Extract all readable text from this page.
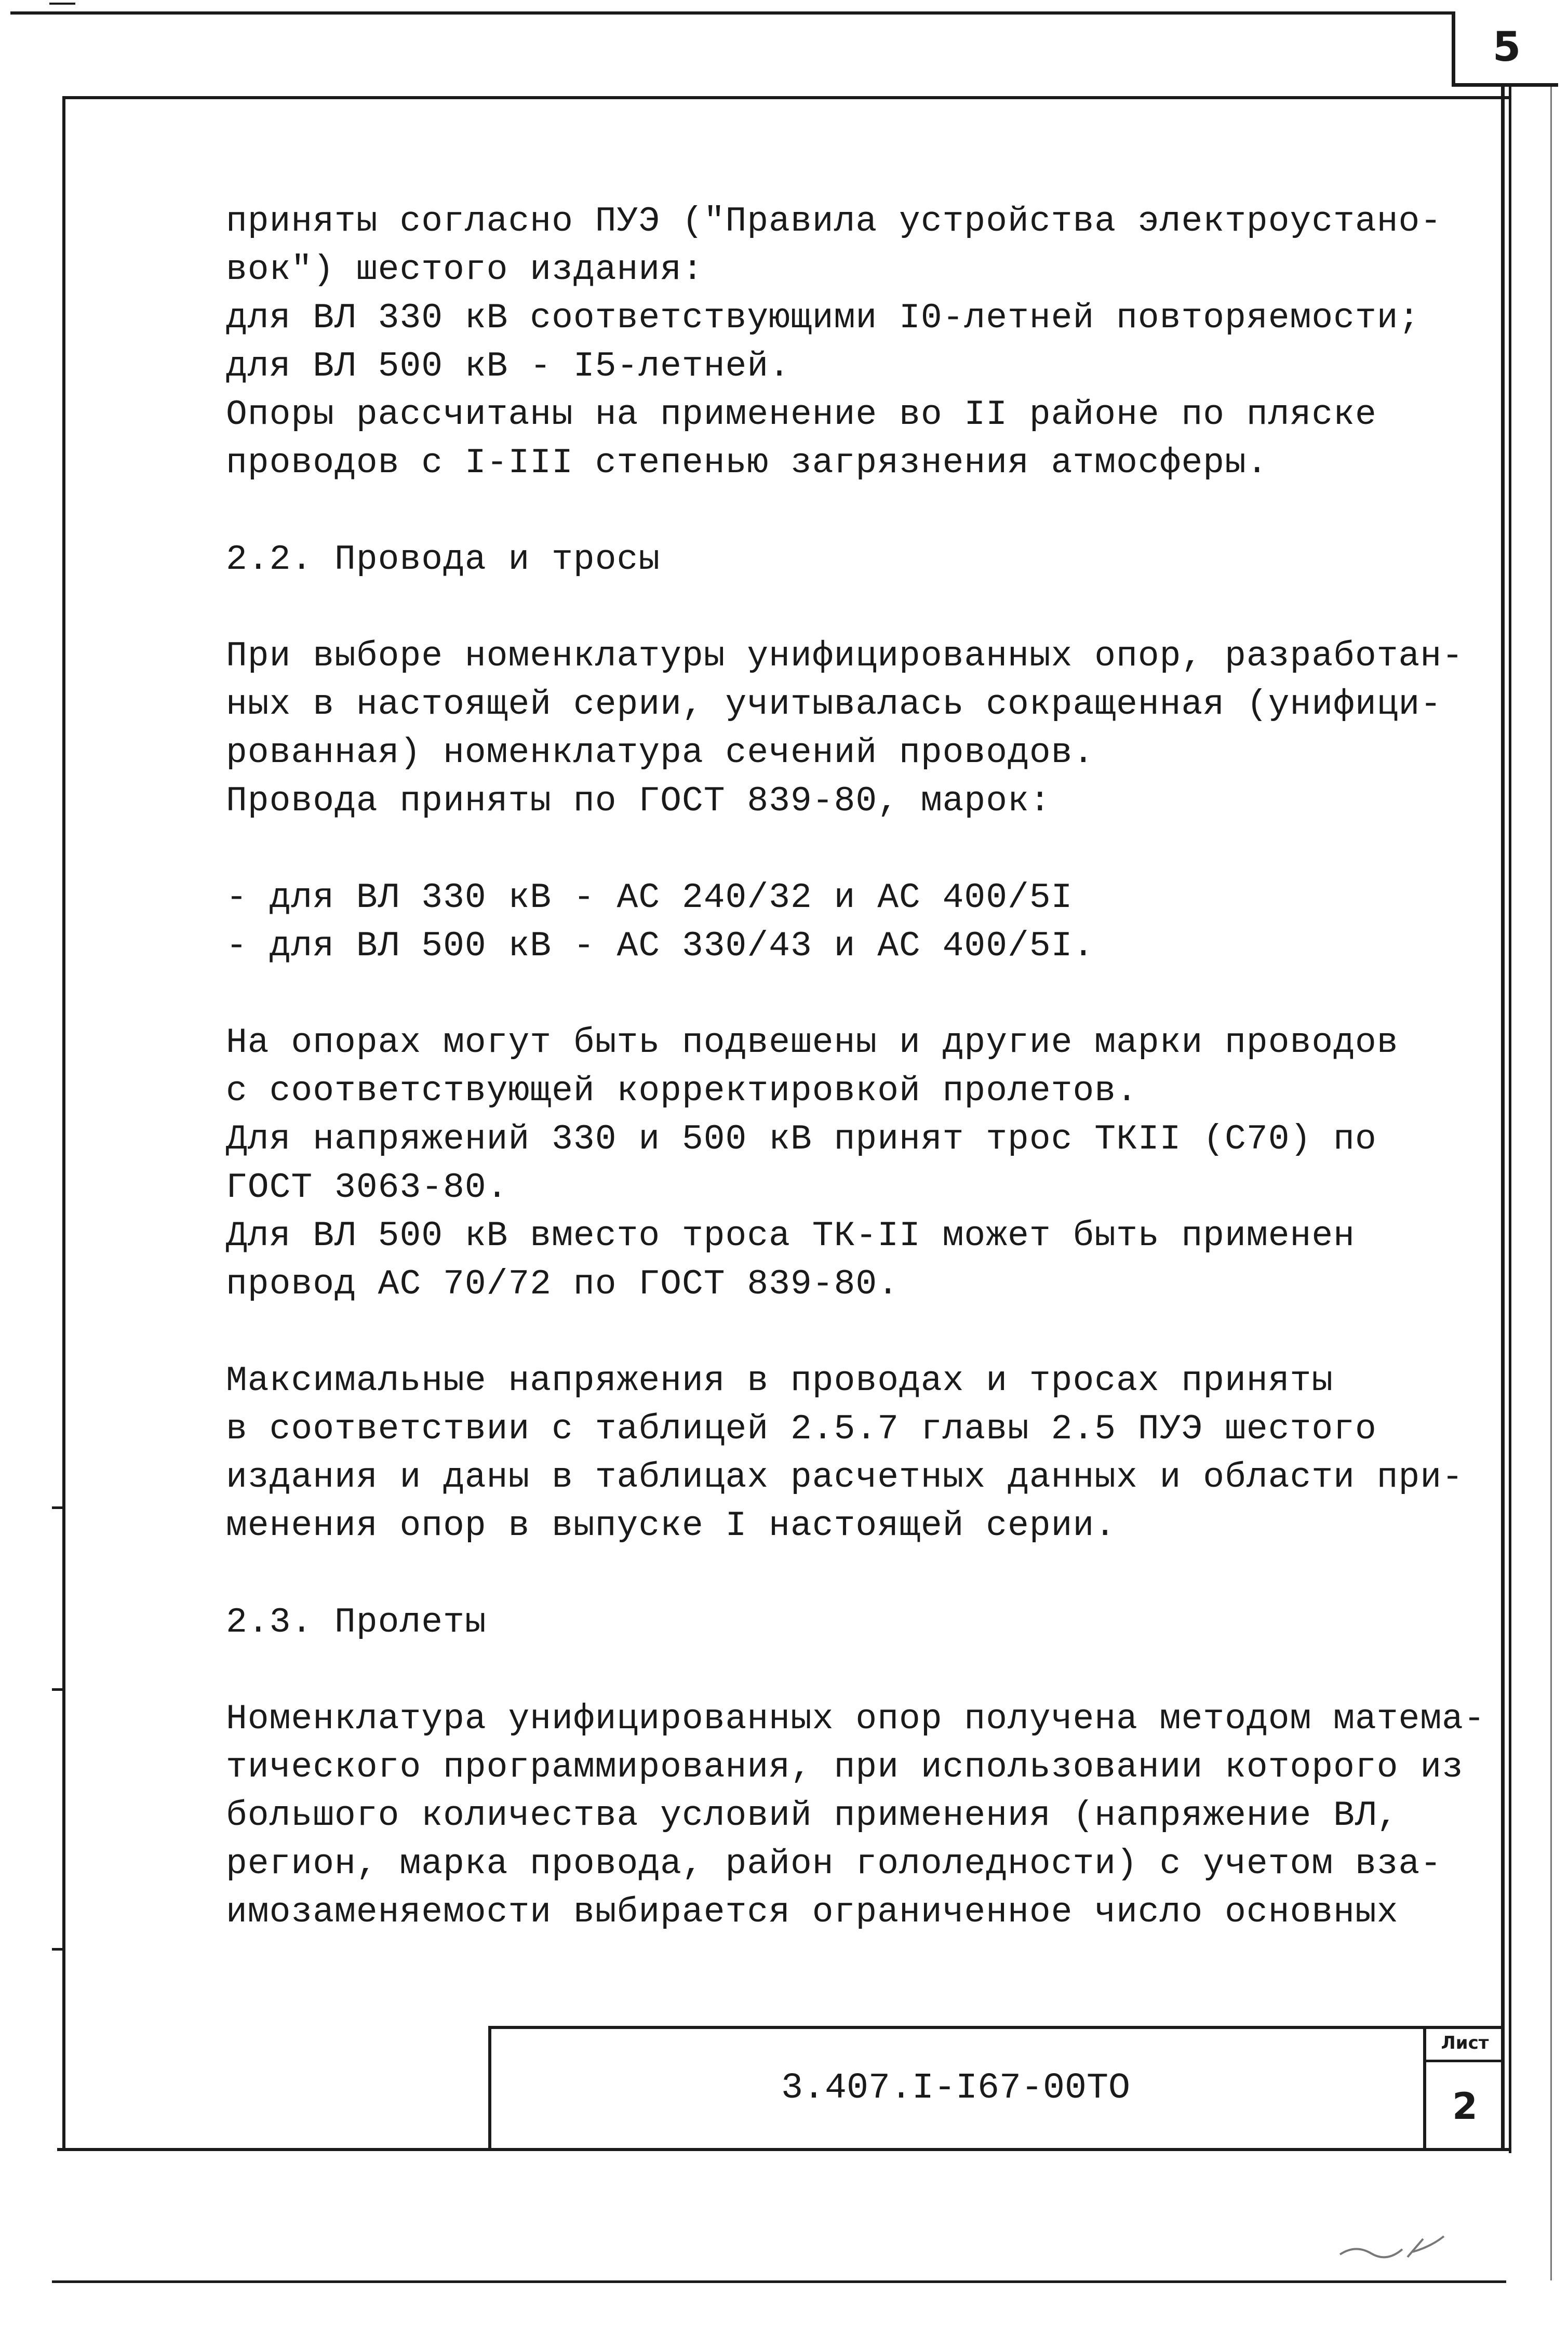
5

приняты согласно ПУЭ ("Правила устройства электроустано-

вок") шестого издания:

для ВЛ 330 кВ соответствующими I0-летней повторяемости;

для ВЛ 500 кВ - I5-летней.

Опоры рассчитаны на применение во II районе по пляске

проводов с I-III степенью загрязнения атмосферы.

2.2. Провода и тросы

При выборе номенклатуры унифицированных опор, разработан-

ных в настоящей серии, учитывалась сокращенная (унифици-

рованная) номенклатура сечений проводов.

Провода приняты по ГОСТ 839-80, марок:

- для ВЛ 330 кВ - АС 240/32 и АС 400/5I

- для ВЛ 500 кВ - АС 330/43 и АС 400/5I.

На опорах могут быть подвешены и другие марки проводов

с соответствующей корректировкой пролетов.

Для напряжений 330 и 500 кВ принят трос ТКII (С70) по

ГОСТ 3063-80.

Для ВЛ 500 кВ вместо троса ТК-II может быть применен

провод АС 70/72 по ГОСТ 839-80.

Максимальные напряжения в проводах и тросах приняты

в соответствии с таблицей 2.5.7 главы 2.5 ПУЭ шестого

издания и даны в таблицах расчетных данных и области при-

менения опор в выпуске I настоящей серии.

2.3. Пролеты

Номенклатура унифицированных опор получена методом матема-

тического программирования, при использовании которого из

большого количества условий применения (напряжение ВЛ,

регион, марка провода, район гололедности) с учетом вза-

имозаменяемости выбирается ограниченное число основных

3.407.I-I67-00ТО
Лист
2
